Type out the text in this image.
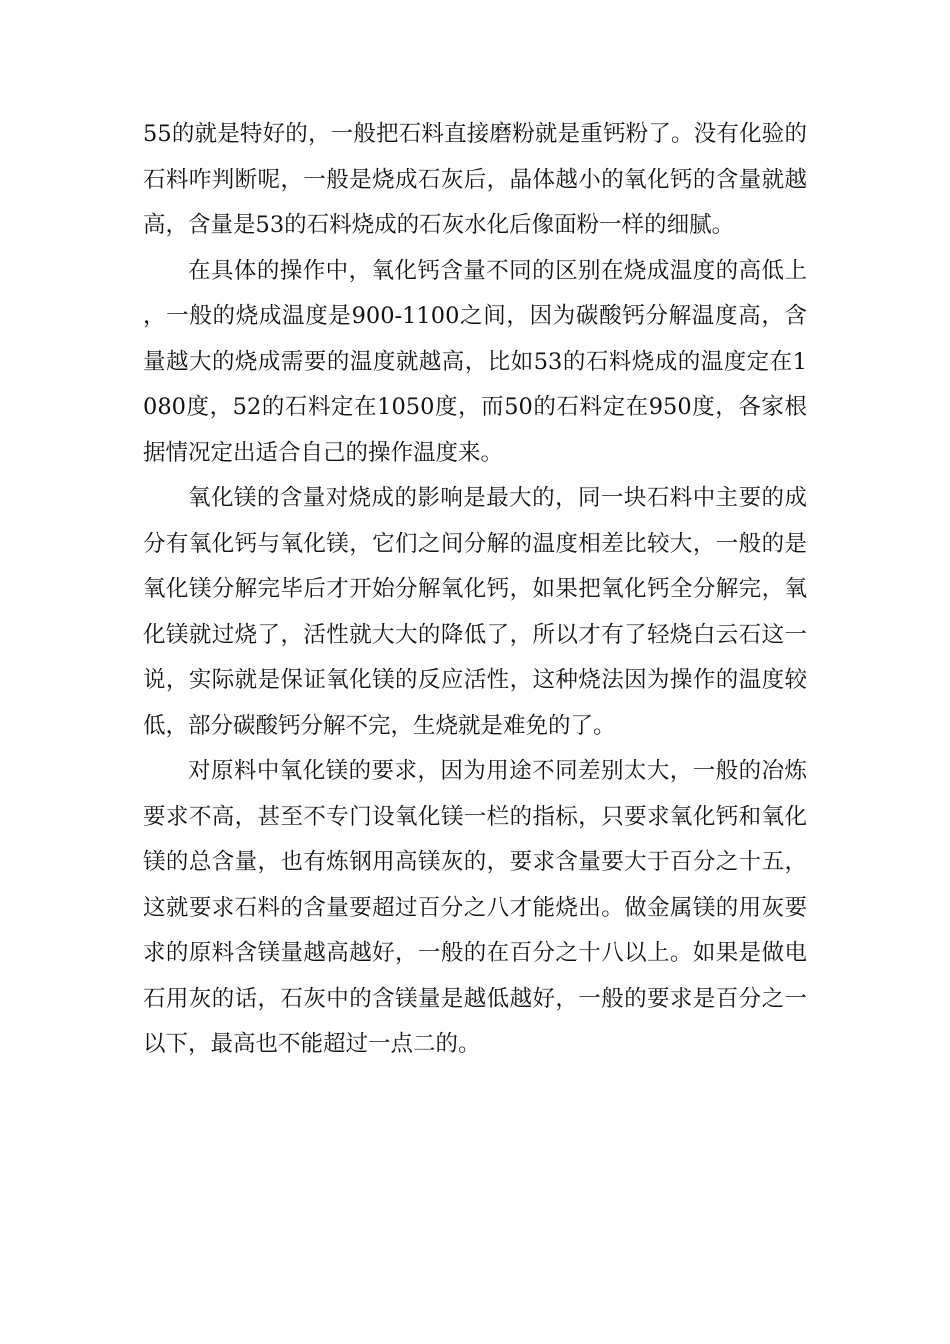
55的就是特好的，一般把石料直接磨粉就是重钙粉了。没有化验的石料咋判断呢，一般是烧成石灰后，晶体越小的氧化钙的含量就越高，含量是53的石料烧成的石灰水化后像面粉一样的细腻。

在具体的操作中，氧化钙含量不同的区别在烧成温度的高低上，一般的烧成温度是900-1100之间，因为碳酸钙分解温度高，含量越大的烧成需要的温度就越高，比如53的石料烧成的温度定在1080度，52的石料定在1050度，而50的石料定在950度，各家根据情况定出适合自己的操作温度来。

氧化镁的含量对烧成的影响是最大的，同一块石料中主要的成分有氧化钙与氧化镁，它们之间分解的温度相差比较大，一般的是氧化镁分解完毕后才开始分解氧化钙，如果把氧化钙全分解完，氧化镁就过烧了，活性就大大的降低了，所以才有了轻烧白云石这一说，实际就是保证氧化镁的反应活性，这种烧法因为操作的温度较低，部分碳酸钙分解不完，生烧就是难免的了。

对原料中氧化镁的要求，因为用途不同差别太大，一般的冶炼要求不高，甚至不专门设氧化镁一栏的指标，只要求氧化钙和氧化镁的总含量，也有炼钢用高镁灰的，要求含量要大于百分之十五，这就要求石料的含量要超过百分之八才能烧出。做金属镁的用灰要求的原料含镁量越高越好，一般的在百分之十八以上。如果是做电石用灰的话，石灰中的含镁量是越低越好，一般的要求是百分之一以下，最高也不能超过一点二的。
